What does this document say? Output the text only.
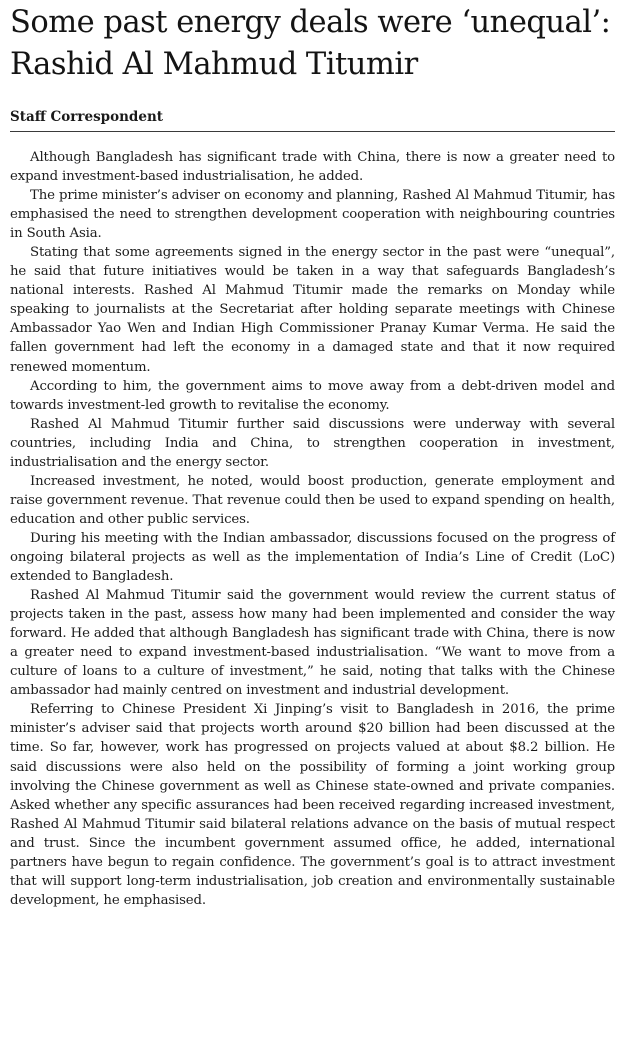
Some past energy deals were ‘unequal’: Rashid Al Mahmud Titumir
Staff Correspondent

Although Bangladesh has significant trade with China, there is now a greater need to expand investment-based industrialisation, he added.

The prime minister’s adviser on economy and planning, Rashed Al Mahmud Titumir, has emphasised the need to strengthen development cooperation with neighbouring countries in South Asia.

Stating that some agreements signed in the energy sector in the past were “unequal”, he said that future initiatives would be taken in a way that safeguards Bangladesh’s national interests. Rashed Al Mahmud Titumir made the remarks on Monday while speaking to journalists at the Secretariat after holding separate meetings with Chinese Ambassador Yao Wen and Indian High Commissioner Pranay Kumar Verma. He said the fallen government had left the economy in a damaged state and that it now required renewed momentum.

According to him, the government aims to move away from a debt-driven model and towards investment-led growth to revitalise the economy.

Rashed Al Mahmud Titumir further said discussions were underway with several countries, including India and China, to strengthen cooperation in investment, industrialisation and the energy sector.

Increased investment, he noted, would boost production, generate employment and raise government revenue. That revenue could then be used to expand spending on health, education and other public services.

During his meeting with the Indian ambassador, discussions focused on the progress of ongoing bilateral projects as well as the implementation of India’s Line of Credit (LoC) extended to Bangladesh.

Rashed Al Mahmud Titumir said the government would review the current status of projects taken in the past, assess how many had been implemented and consider the way forward. He added that although Bangladesh has significant trade with China, there is now a greater need to expand investment-based industrialisation. “We want to move from a culture of loans to a culture of investment,” he said, noting that talks with the Chinese ambassador had mainly centred on investment and industrial development.

Referring to Chinese President Xi Jinping’s visit to Bangladesh in 2016, the prime minister’s adviser said that projects worth around $20 billion had been discussed at the time. So far, however, work has progressed on projects valued at about $8.2 billion. He said discussions were also held on the possibility of forming a joint working group involving the Chinese government as well as Chinese state-owned and private companies. Asked whether any specific assurances had been received regarding increased investment, Rashed Al Mahmud Titumir said bilateral relations advance on the basis of mutual respect and trust. Since the incumbent government assumed office, he added, international partners have begun to regain confidence. The government’s goal is to attract investment that will support long-term industrialisation, job creation and environmentally sustainable development, he emphasised.
